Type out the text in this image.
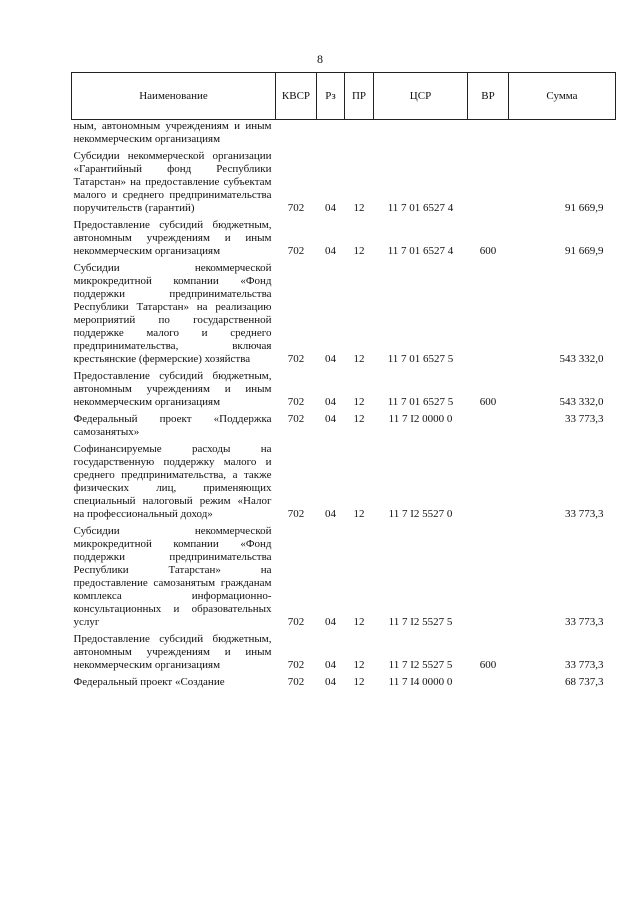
8
Наименование	КВСР	Рз	ПР	ЦСР	ВР	Сумма
ным, автономным учреждениям и иным некоммерческим организациям						
Субсидии некоммерческой организации «Гарантийный фонд Республики Татарстан» на предоставление субъектам малого и среднего предпринимательства поручительств (гарантий)	702	04	12	11 7 01 6527 4		91 669,9
Предоставление субсидий бюджетным, автономным учреждениям и иным некоммерческим организациям	702	04	12	11 7 01 6527 4	600	91 669,9
Субсидии некоммерческой микрокредитной компании «Фонд поддержки предпринимательства Республики Татарстан» на реализацию мероприятий по государственной поддержке малого и среднего предпринимательства, включая крестьянские (фермерские) хозяйства	702	04	12	11 7 01 6527 5		543 332,0
Предоставление субсидий бюджетным, автономным учреждениям и иным некоммерческим организациям	702	04	12	11 7 01 6527 5	600	543 332,0
Федеральный проект «Поддержка самозанятых»	702	04	12	11 7 I2 0000 0		33 773,3
Софинансируемые расходы на государственную поддержку малого и среднего предпринимательства, а также физических лиц, применяющих специальный налоговый режим «Налог на профессиональный доход»	702	04	12	11 7 I2 5527 0		33 773,3
Субсидии некоммерческой микрокредитной компании «Фонд поддержки предпринимательства Республики Татарстан» на предоставление самозанятым гражданам комплекса информационно-консультационных и образовательных услуг	702	04	12	11 7 I2 5527 5		33 773,3
Предоставление субсидий бюджетным, автономным учреждениям и иным некоммерческим организациям	702	04	12	11 7 I2 5527 5	600	33 773,3
Федеральный проект «Создание	702	04	12	11 7 I4 0000 0		68 737,3
